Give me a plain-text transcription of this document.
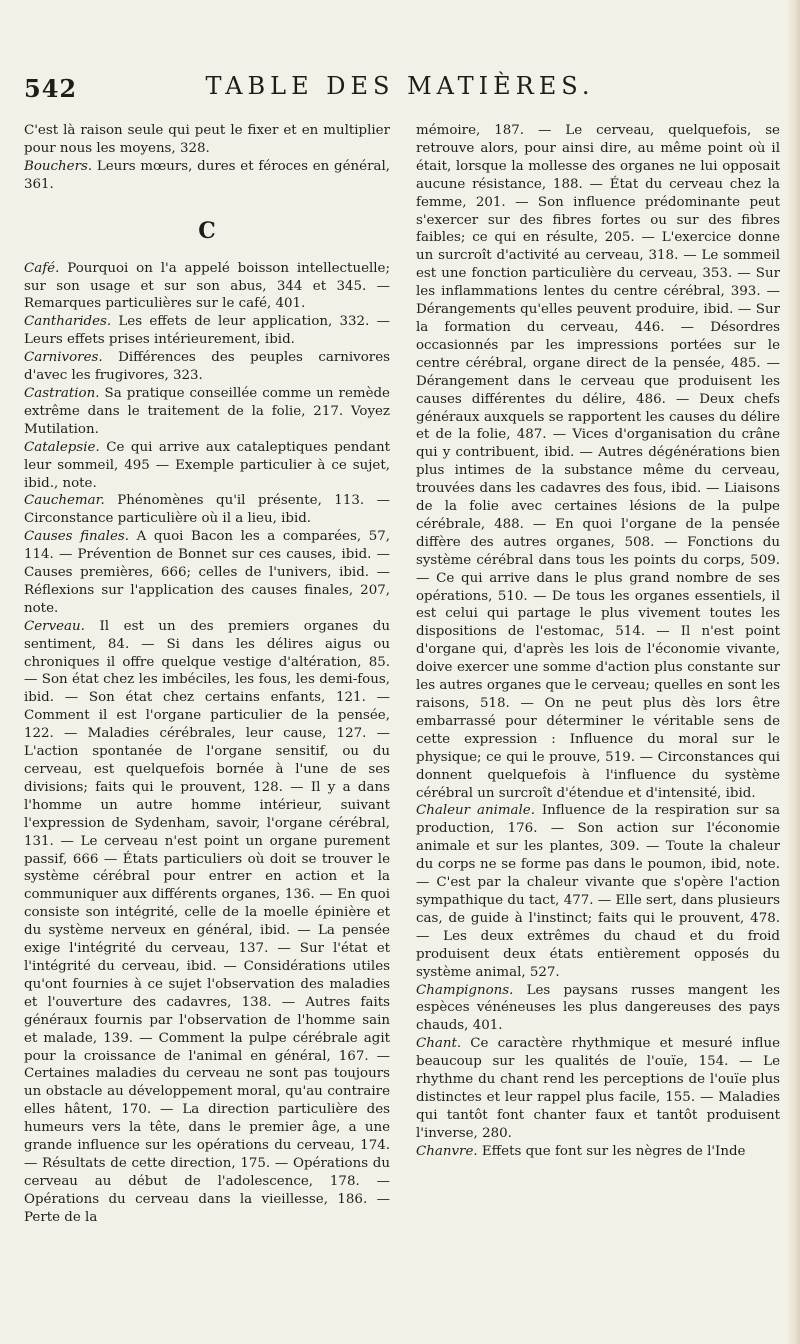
542	TABLE DES MATIÈRES.

C'est là raison seule qui peut le fixer et en multiplier pour nous les moyens, 328.

Bouchers. Leurs mœurs, dures et féroces en général, 361.

C

Café. Pourquoi on l'a appelé boisson intellectuelle; sur son usage et sur son abus, 344 et 345. — Remarques particulières sur le café, 401.

Cantharides. Les effets de leur application, 332. — Leurs effets prises intérieurement, ibid.

Carnivores. Différences des peuples carnivores d'avec les frugivores, 323.

Castration. Sa pratique conseillée comme un remède extrême dans le traitement de la folie, 217. Voyez Mutilation.

Catalepsie. Ce qui arrive aux cataleptiques pendant leur sommeil, 495 — Exemple particulier à ce sujet, ibid., note.

Cauchemar. Phénomènes qu'il présente, 113. — Circonstance particulière où il a lieu, ibid.

Causes finales. A quoi Bacon les a comparées, 57, 114. — Prévention de Bonnet sur ces causes, ibid. — Causes premières, 666; celles de l'univers, ibid. — Réflexions sur l'application des causes finales, 207, note.

Cerveau. Il est un des premiers organes du sentiment, 84. — Si dans les délires aigus ou chroniques il offre quelque vestige d'altération, 85. — Son état chez les imbéciles, les fous, les demi-fous, ibid. — Son état chez certains enfants, 121. — Comment il est l'organe particulier de la pensée, 122. — Maladies cérébrales, leur cause, 127. — L'action spontanée de l'organe sensitif, ou du cerveau, est quelquefois bornée à l'une de ses divisions; faits qui le prouvent, 128. — Il y a dans l'homme un autre homme intérieur, suivant l'expression de Sydenham, savoir, l'organe cérébral, 131. — Le cerveau n'est point un organe purement passif, 666 — États particuliers où doit se trouver le système cérébral pour entrer en action et la communiquer aux différents organes, 136. — En quoi consiste son intégrité, celle de la moelle épinière et du système nerveux en général, ibid. — La pensée exige l'intégrité du cerveau, 137. — Sur l'état et l'intégrité du cerveau, ibid. — Considérations utiles qu'ont fournies à ce sujet l'observation des maladies et l'ouverture des cadavres, 138. — Autres faits généraux fournis par l'observation de l'homme sain et malade, 139. — Comment la pulpe cérébrale agit pour la croissance de l'animal en général, 167. — Certaines maladies du cerveau ne sont pas toujours un obstacle au développement moral, qu'au contraire elles hâtent, 170. — La direction particulière des humeurs vers la tête, dans le premier âge, a une grande influence sur les opérations du cerveau, 174. — Résultats de cette direction, 175. — Opérations du cerveau au début de l'adolescence, 178. — Opérations du cerveau dans la vieillesse, 186. — Perte de la

mémoire, 187. — Le cerveau, quelquefois, se retrouve alors, pour ainsi dire, au même point où il était, lorsque la mollesse des organes ne lui opposait aucune résistance, 188. — État du cerveau chez la femme, 201. — Son influence prédominante peut s'exercer sur des fibres fortes ou sur des fibres faibles; ce qui en résulte, 205. — L'exercice donne un surcroît d'activité au cerveau, 318. — Le sommeil est une fonction particulière du cerveau, 353. — Sur les inflammations lentes du centre cérébral, 393. — Dérangements qu'elles peuvent produire, ibid. — Sur la formation du cerveau, 446. — Désordres occasionnés par les impressions portées sur le centre cérébral, organe direct de la pensée, 485. — Dérangement dans le cerveau que produisent les causes différentes du délire, 486. — Deux chefs généraux auxquels se rapportent les causes du délire et de la folie, 487. — Vices d'organisation du crâne qui y contribuent, ibid. — Autres dégénérations bien plus intimes de la substance même du cerveau, trouvées dans les cadavres des fous, ibid. — Liaisons de la folie avec certaines lésions de la pulpe cérébrale, 488. — En quoi l'organe de la pensée diffère des autres organes, 508. — Fonctions du système cérébral dans tous les points du corps, 509. — Ce qui arrive dans le plus grand nombre de ses opérations, 510. — De tous les organes essentiels, il est celui qui partage le plus vivement toutes les dispositions de l'estomac, 514. — Il n'est point d'organe qui, d'après les lois de l'économie vivante, doive exercer une somme d'action plus constante sur les autres organes que le cerveau; quelles en sont les raisons, 518. — On ne peut plus dès lors être embarrassé pour déterminer le véritable sens de cette expression : Influence du moral sur le physique; ce qui le prouve, 519. — Circonstances qui donnent quelquefois à l'influence du système cérébral un surcroît d'étendue et d'intensité, ibid.

Chaleur animale. Influence de la respiration sur sa production, 176. — Son action sur l'économie animale et sur les plantes, 309. — Toute la chaleur du corps ne se forme pas dans le poumon, ibid, note. — C'est par la chaleur vivante que s'opère l'action sympathique du tact, 477. — Elle sert, dans plusieurs cas, de guide à l'instinct; faits qui le prouvent, 478. — Les deux extrêmes du chaud et du froid produisent deux états entièrement opposés du système animal, 527.

Champignons. Les paysans russes mangent les espèces vénéneuses les plus dangereuses des pays chauds, 401.

Chant. Ce caractère rhythmique et mesuré influe beaucoup sur les qualités de l'ouïe, 154. — Le rhythme du chant rend les perceptions de l'ouïe plus distinctes et leur rappel plus facile, 155. — Maladies qui tantôt font chanter faux et tantôt produisent l'inverse, 280.

Chanvre. Effets que font sur les nègres de l'Inde
